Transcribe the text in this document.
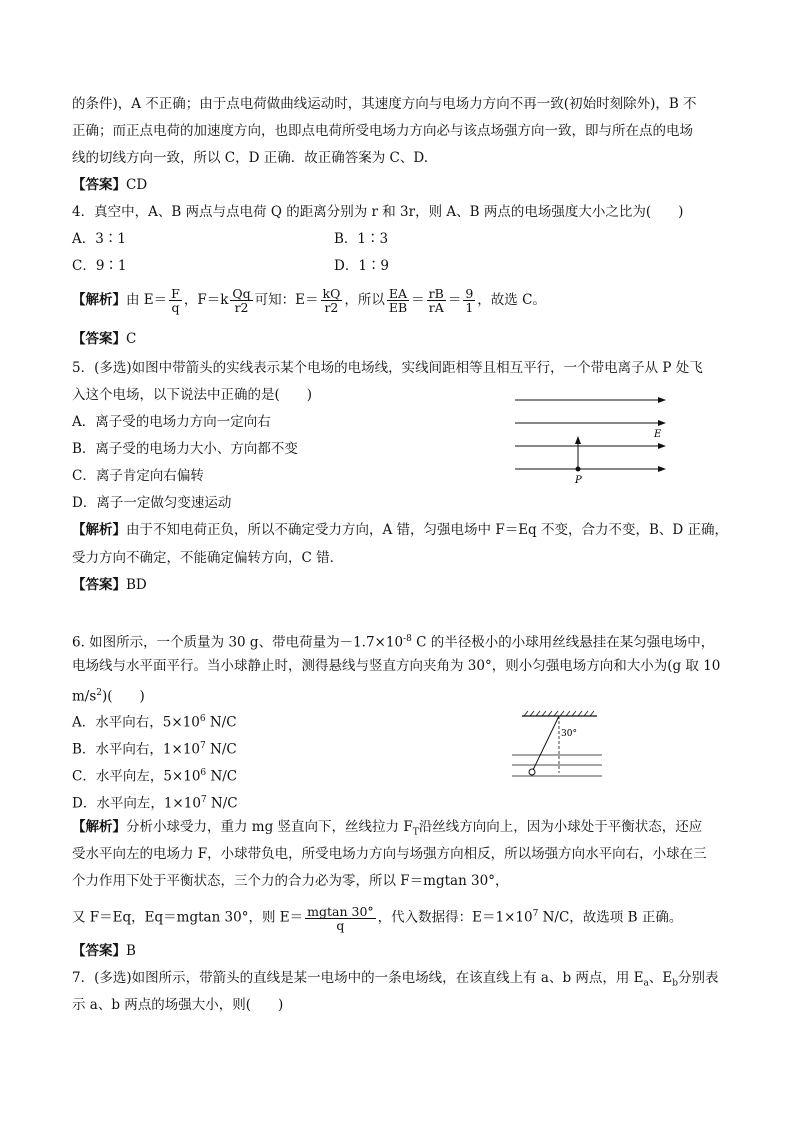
的条件)，A 不正确；由于点电荷做曲线运动时，其速度方向与电场力方向不再一致(初始时刻除外)，B 不
正确；而正点电荷的加速度方向，也即点电荷所受电场力方向必与该点场强方向一致，即与所在点的电场
线的切线方向一致，所以 C，D 正确．故正确答案为 C、D.
【答案】CD
4．真空中，A、B 两点与点电荷 Q 的距离分别为 r 和 3r，则 A、B 两点的电场强度大小之比为(　　)
A．3∶1	B．1∶3
C．9∶1	D．1∶9
【解析】由 $E= \frac{F}{q}$ ，$F=k \frac{Qq}{r2}$ 可知：$E= \frac{kQ}{r2}$ ，所以 $\frac{EA}{EB} = \frac{rB}{rA} = \frac{9}{1}$ ，故选 C。
【答案】C
5．(多选)如图中带箭头的实线表示某个电场的电场线，实线间距相等且相互平行，一个带电离子从 P 处飞
入这个电场，以下说法中正确的是(　　)
A．离子受的电场力方向一定向右
B．离子受的电场力大小、方向都不变
C．离子肯定向右偏转
D．离子一定做匀变速运动
【解析】由于不知电荷正负，所以不确定受力方向，A 错，匀强电场中 F＝Eq 不变，合力不变，B、D 正确，
受力方向不确定，不能确定偏转方向，C 错．
【答案】BD
E
P
6. 如图所示，一个质量为 30 g、带电荷量为$-1.7\times 10^{-8}$ C 的半径极小的小球用丝线悬挂在某匀强电场中，
电场线与水平面平行。当小球静止时，测得悬线与竖直方向夹角为 30°，则小匀强电场方向和大小为(g 取 10
$m/s^2$)(　　)
A．水平向右，$5\times 10^6$ N/C
B．水平向右，$1\times 10^7$ N/C
C．水平向左，$5\times 10^6$ N/C
D．水平向左，$1\times 10^7$ N/C
【解析】分析小球受力，重力 mg 竖直向下，丝线拉力 $F_T$沿丝线方向向上，因为小球处于平衡状态，还应
受水平向左的电场力 F，小球带负电，所受电场力方向与场强方向相反，所以场强方向水平向右，小球在三
个力作用下处于平衡状态，三个力的合力必为零，所以 F＝mgtan 30°，
又 F＝Eq，Eq＝mgtan 30°，则 $E= \frac{mgtan 30^\circ}{q}$ ，代入数据得：$E=1\times 10^7$ N/C，故选项 B 正确。
【答案】B
30°
7．(多选)如图所示，带箭头的直线是某一电场中的一条电场线，在该直线上有 a、b 两点，用 $E_a$、$E_b$分别表
示 a、b 两点的场强大小，则(　　)
